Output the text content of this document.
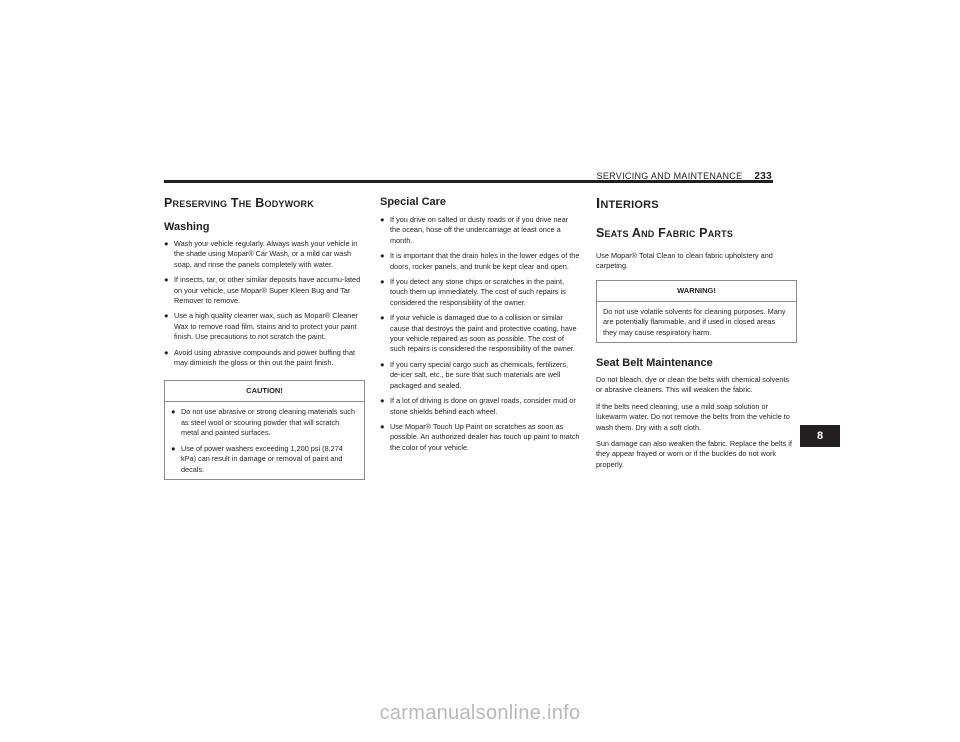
SERVICING AND MAINTENANCE 233
Preserving The Bodywork
Washing
● Wash your vehicle regularly. Always wash your vehicle in the shade using Mopar® Car Wash, or a mild car wash soap, and rinse the panels completely with water.
● If insects, tar, or other similar deposits have accumu-lated on your vehicle, use Mopar® Super Kleen Bug and Tar Remover to remove.
● Use a high quality cleaner wax, such as Mopar® Cleaner Wax to remove road film, stains and to protect your paint finish. Use precautions to not scratch the paint.
● Avoid using abrasive compounds and power buffing that may diminish the gloss or thin out the paint finish.
CAUTION!
● Do not use abrasive or strong cleaning materials such as steel wool or scouring powder that will scratch metal and painted surfaces.
● Use of power washers exceeding 1,200 psi (8,274 kPa) can result in damage or removal of paint and decals.
Special Care
● If you drive on salted or dusty roads or if you drive near the ocean, hose off the undercarriage at least once a month.
● It is important that the drain holes in the lower edges of the doors, rocker panels, and trunk be kept clear and open.
● If you detect any stone chips or scratches in the paint, touch them up immediately. The cost of such repairs is considered the responsibility of the owner.
● If your vehicle is damaged due to a collision or similar cause that destroys the paint and protective coating, have your vehicle repaired as soon as possible. The cost of such repairs is considered the responsibility of the owner.
● If you carry special cargo such as chemicals, fertilizers, de-icer salt, etc., be sure that such materials are well packaged and sealed.
● If a lot of driving is done on gravel roads, consider mud or stone shields behind each wheel.
● Use Mopar® Touch Up Paint on scratches as soon as possible. An authorized dealer has touch up paint to match the color of your vehicle.
Interiors
Seats And Fabric Parts

Use Mopar® Total Clean to clean fabric upholstery and carpeting.

WARNING!

Do not use volatile solvents for cleaning purposes. Many are potentially flammable, and if used in closed areas they may cause respiratory harm.

Seat Belt Maintenance

Do not bleach, dye or clean the belts with chemical solvents or abrasive cleaners. This will weaken the fabric.

If the belts need cleaning, use a mild soap solution or lukewarm water. Do not remove the belts from the vehicle to wash them. Dry with a soft cloth.

Sun damage can also weaken the fabric. Replace the belts if they appear frayed or worn or if the buckles do not work properly.

8
carmanualsonline.info
